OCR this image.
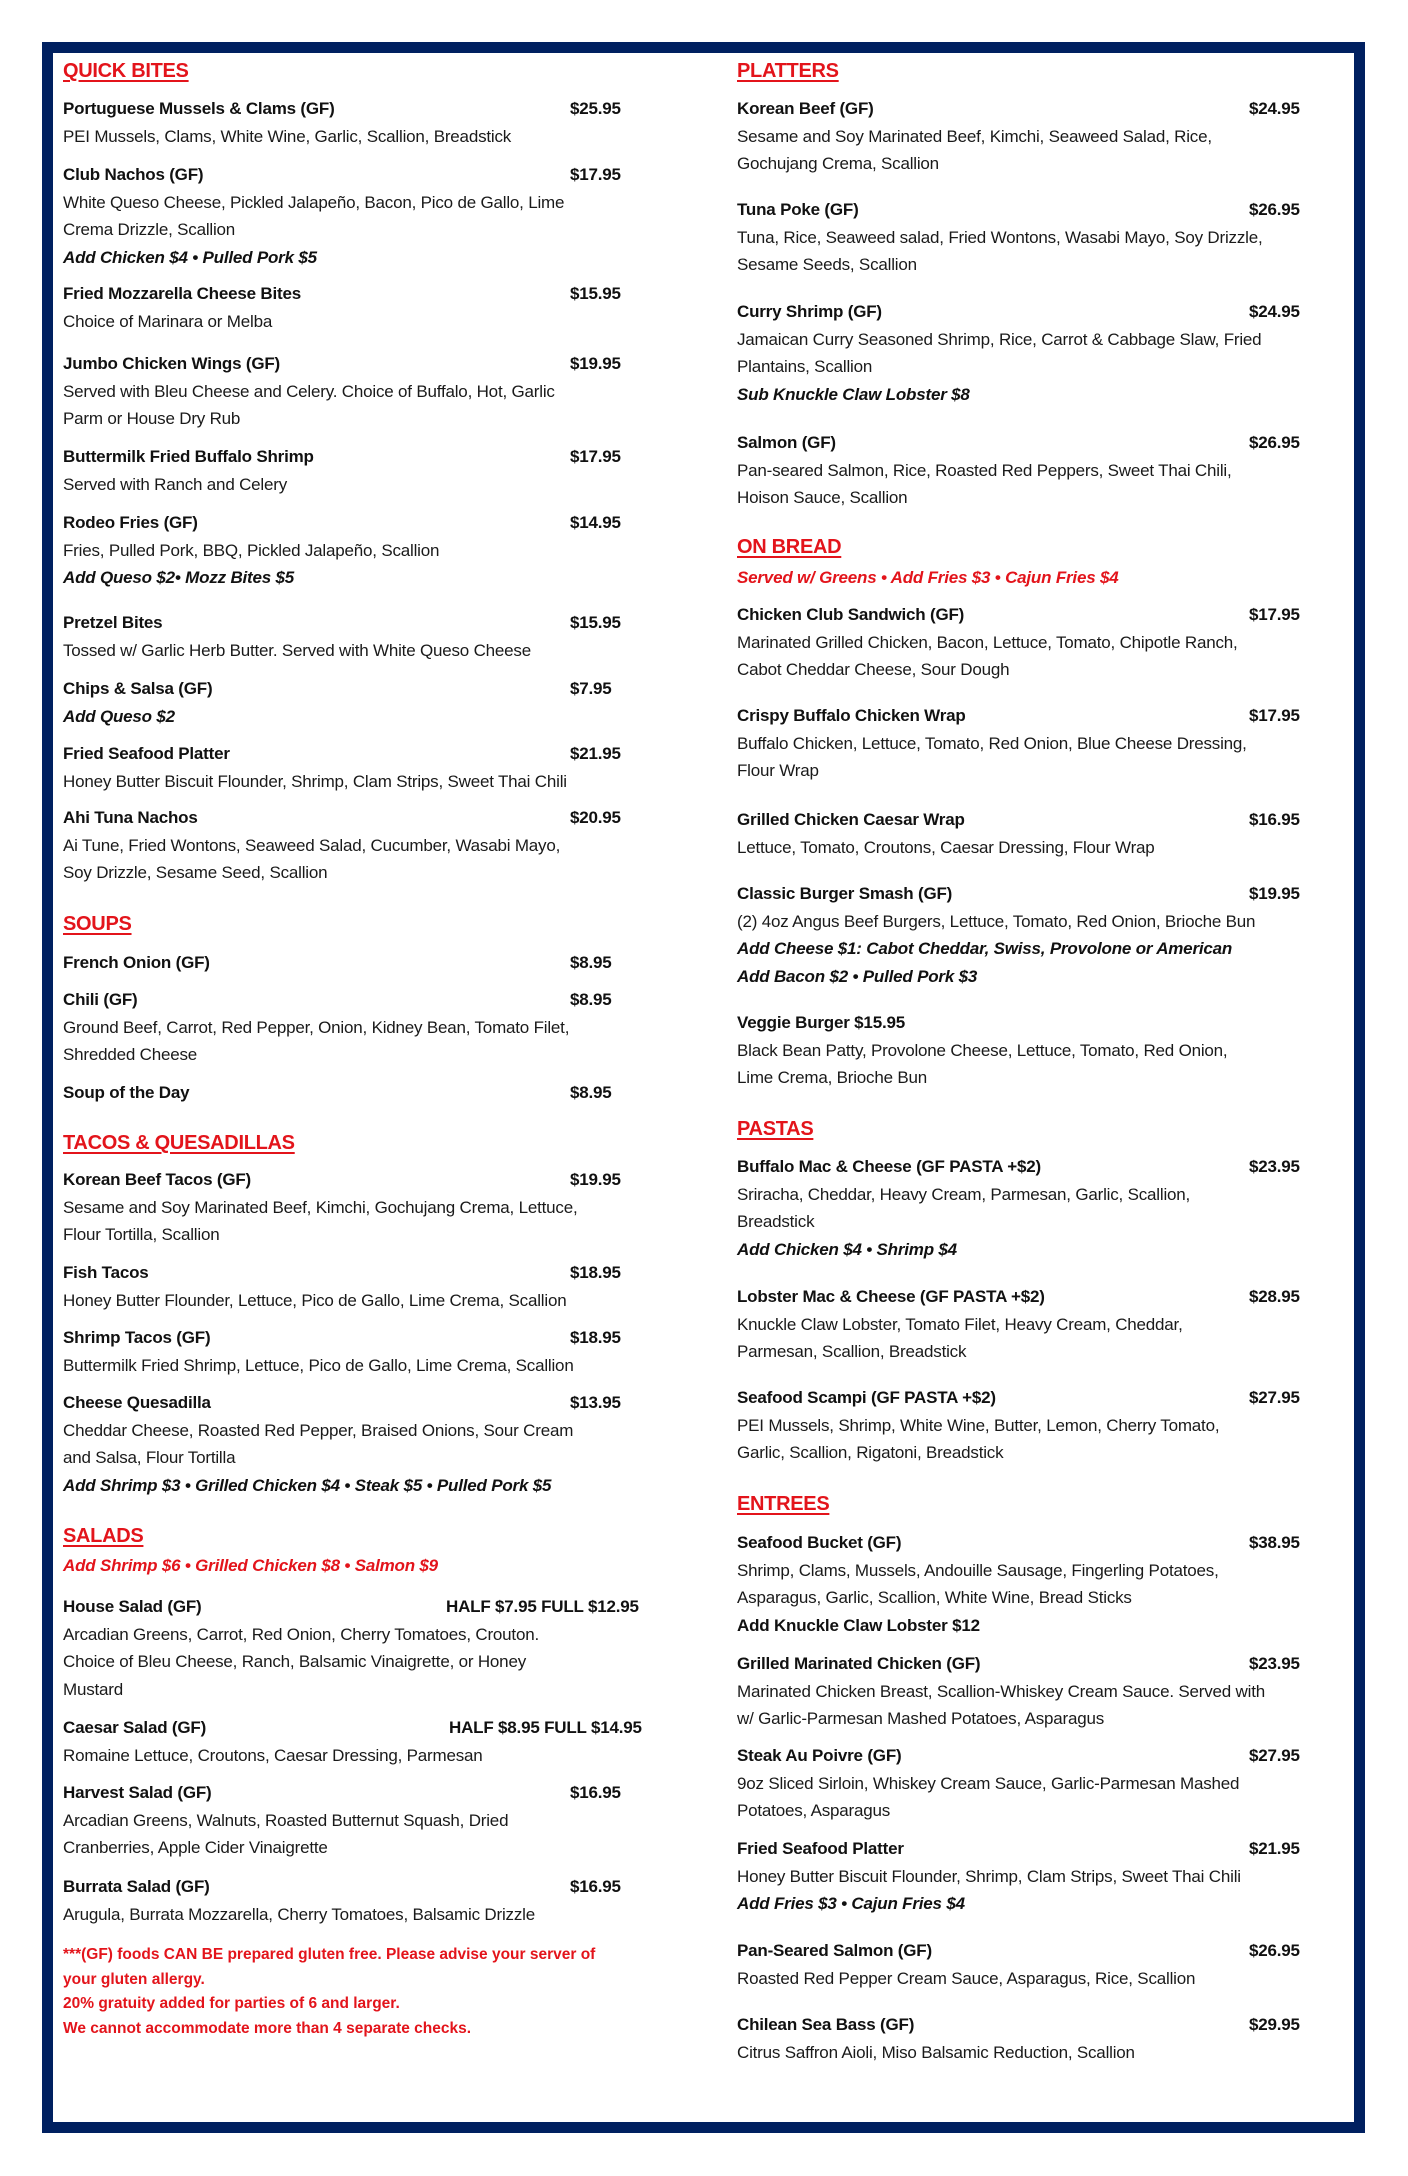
QUICK BITES
Portuguese Mussels & Clams (GF)	$25.95
PEI Mussels, Clams, White Wine, Garlic, Scallion, Breadstick
Club Nachos (GF)	$17.95
White Queso Cheese, Pickled Jalapeño, Bacon, Pico de Gallo, Lime
Crema Drizzle, Scallion
Add Chicken $4 • Pulled Pork $5
Fried Mozzarella Cheese Bites	$15.95
Choice of Marinara or Melba
Jumbo Chicken Wings (GF)	$19.95
Served with Bleu Cheese and Celery. Choice of Buffalo, Hot, Garlic
Parm or House Dry Rub
Buttermilk Fried Buffalo Shrimp	$17.95
Served with Ranch and Celery
Rodeo Fries (GF)	$14.95
Fries, Pulled Pork, BBQ, Pickled Jalapeño, Scallion
Add Queso $2• Mozz Bites $5
Pretzel Bites	$15.95
Tossed w/ Garlic Herb Butter. Served with White Queso Cheese
Chips & Salsa (GF)	$7.95
Add Queso $2
Fried Seafood Platter	$21.95
Honey Butter Biscuit Flounder, Shrimp, Clam Strips, Sweet Thai Chili
Ahi Tuna Nachos	$20.95
Ai Tune, Fried Wontons, Seaweed Salad, Cucumber, Wasabi Mayo,
Soy Drizzle, Sesame Seed, Scallion
SOUPS
French Onion (GF)	$8.95
Chili (GF)	$8.95
Ground Beef, Carrot, Red Pepper, Onion, Kidney Bean, Tomato Filet,
Shredded Cheese
Soup of the Day	$8.95
TACOS & QUESADILLAS
Korean Beef Tacos (GF)	$19.95
Sesame and Soy Marinated Beef, Kimchi, Gochujang Crema, Lettuce,
Flour Tortilla, Scallion
Fish Tacos	$18.95
Honey Butter Flounder, Lettuce, Pico de Gallo, Lime Crema, Scallion
Shrimp Tacos (GF)	$18.95
Buttermilk Fried Shrimp, Lettuce, Pico de Gallo, Lime Crema, Scallion
Cheese Quesadilla	$13.95
Cheddar Cheese, Roasted Red Pepper, Braised Onions, Sour Cream
and Salsa, Flour Tortilla
Add Shrimp $3 • Grilled Chicken $4 • Steak $5 • Pulled Pork $5
SALADS
Add Shrimp $6 • Grilled Chicken $8 • Salmon $9
House Salad (GF)	HALF $7.95 FULL $12.95
Arcadian Greens, Carrot, Red Onion, Cherry Tomatoes, Crouton.
Choice of Bleu Cheese, Ranch, Balsamic Vinaigrette, or Honey
Mustard
Caesar Salad (GF)	HALF $8.95 FULL $14.95
Romaine Lettuce, Croutons, Caesar Dressing, Parmesan
Harvest Salad (GF)	$16.95
Arcadian Greens, Walnuts, Roasted Butternut Squash, Dried
Cranberries, Apple Cider Vinaigrette
Burrata Salad (GF)	$16.95
Arugula, Burrata Mozzarella, Cherry Tomatoes, Balsamic Drizzle
***(GF) foods CAN BE prepared gluten free. Please advise your server of
your gluten allergy.
20% gratuity added for parties of 6 and larger.
We cannot accommodate more than 4 separate checks.
PLATTERS
Korean Beef (GF)	$24.95
Sesame and Soy Marinated Beef, Kimchi, Seaweed Salad, Rice,
Gochujang Crema, Scallion
Tuna Poke (GF)	$26.95
Tuna, Rice, Seaweed salad, Fried Wontons, Wasabi Mayo, Soy Drizzle,
Sesame Seeds, Scallion
Curry Shrimp (GF)	$24.95
Jamaican Curry Seasoned Shrimp, Rice, Carrot & Cabbage Slaw, Fried
Plantains, Scallion
Sub Knuckle Claw Lobster $8
Salmon (GF)	$26.95
Pan-seared Salmon, Rice, Roasted Red Peppers, Sweet Thai Chili,
Hoison Sauce, Scallion
ON BREAD
Served w/ Greens • Add Fries $3 • Cajun Fries $4
Chicken Club Sandwich (GF)	$17.95
Marinated Grilled Chicken, Bacon, Lettuce, Tomato, Chipotle Ranch,
Cabot Cheddar Cheese, Sour Dough
Crispy Buffalo Chicken Wrap	$17.95
Buffalo Chicken, Lettuce, Tomato, Red Onion, Blue Cheese Dressing,
Flour Wrap
Grilled Chicken Caesar Wrap	$16.95
Lettuce, Tomato, Croutons, Caesar Dressing, Flour Wrap
Classic Burger Smash (GF)	$19.95
(2) 4oz Angus Beef Burgers, Lettuce, Tomato, Red Onion, Brioche Bun
Add Cheese $1: Cabot Cheddar, Swiss, Provolone or American
Add Bacon $2 • Pulled Pork $3
Veggie Burger $15.95
Black Bean Patty, Provolone Cheese, Lettuce, Tomato, Red Onion,
Lime Crema, Brioche Bun
PASTAS
Buffalo Mac & Cheese (GF PASTA +$2)	$23.95
Sriracha, Cheddar, Heavy Cream, Parmesan, Garlic, Scallion,
Breadstick
Add Chicken $4 • Shrimp $4
Lobster Mac & Cheese (GF PASTA +$2)	$28.95
Knuckle Claw Lobster, Tomato Filet, Heavy Cream, Cheddar,
Parmesan, Scallion, Breadstick
Seafood Scampi (GF PASTA +$2)	$27.95
PEI Mussels, Shrimp, White Wine, Butter, Lemon, Cherry Tomato,
Garlic, Scallion, Rigatoni, Breadstick
ENTREES
Seafood Bucket (GF)	$38.95
Shrimp, Clams, Mussels, Andouille Sausage, Fingerling Potatoes,
Asparagus, Garlic, Scallion, White Wine, Bread Sticks
Add Knuckle Claw Lobster $12
Grilled Marinated Chicken (GF)	$23.95
Marinated Chicken Breast, Scallion-Whiskey Cream Sauce. Served with
w/ Garlic-Parmesan Mashed Potatoes, Asparagus
Steak Au Poivre (GF)	$27.95
9oz Sliced Sirloin, Whiskey Cream Sauce, Garlic-Parmesan Mashed
Potatoes, Asparagus
Fried Seafood Platter	$21.95
Honey Butter Biscuit Flounder, Shrimp, Clam Strips, Sweet Thai Chili
Add Fries $3 • Cajun Fries $4
Pan-Seared Salmon (GF)	$26.95
Roasted Red Pepper Cream Sauce, Asparagus, Rice, Scallion
Chilean Sea Bass (GF)	$29.95
Citrus Saffron Aioli, Miso Balsamic Reduction, Scallion
